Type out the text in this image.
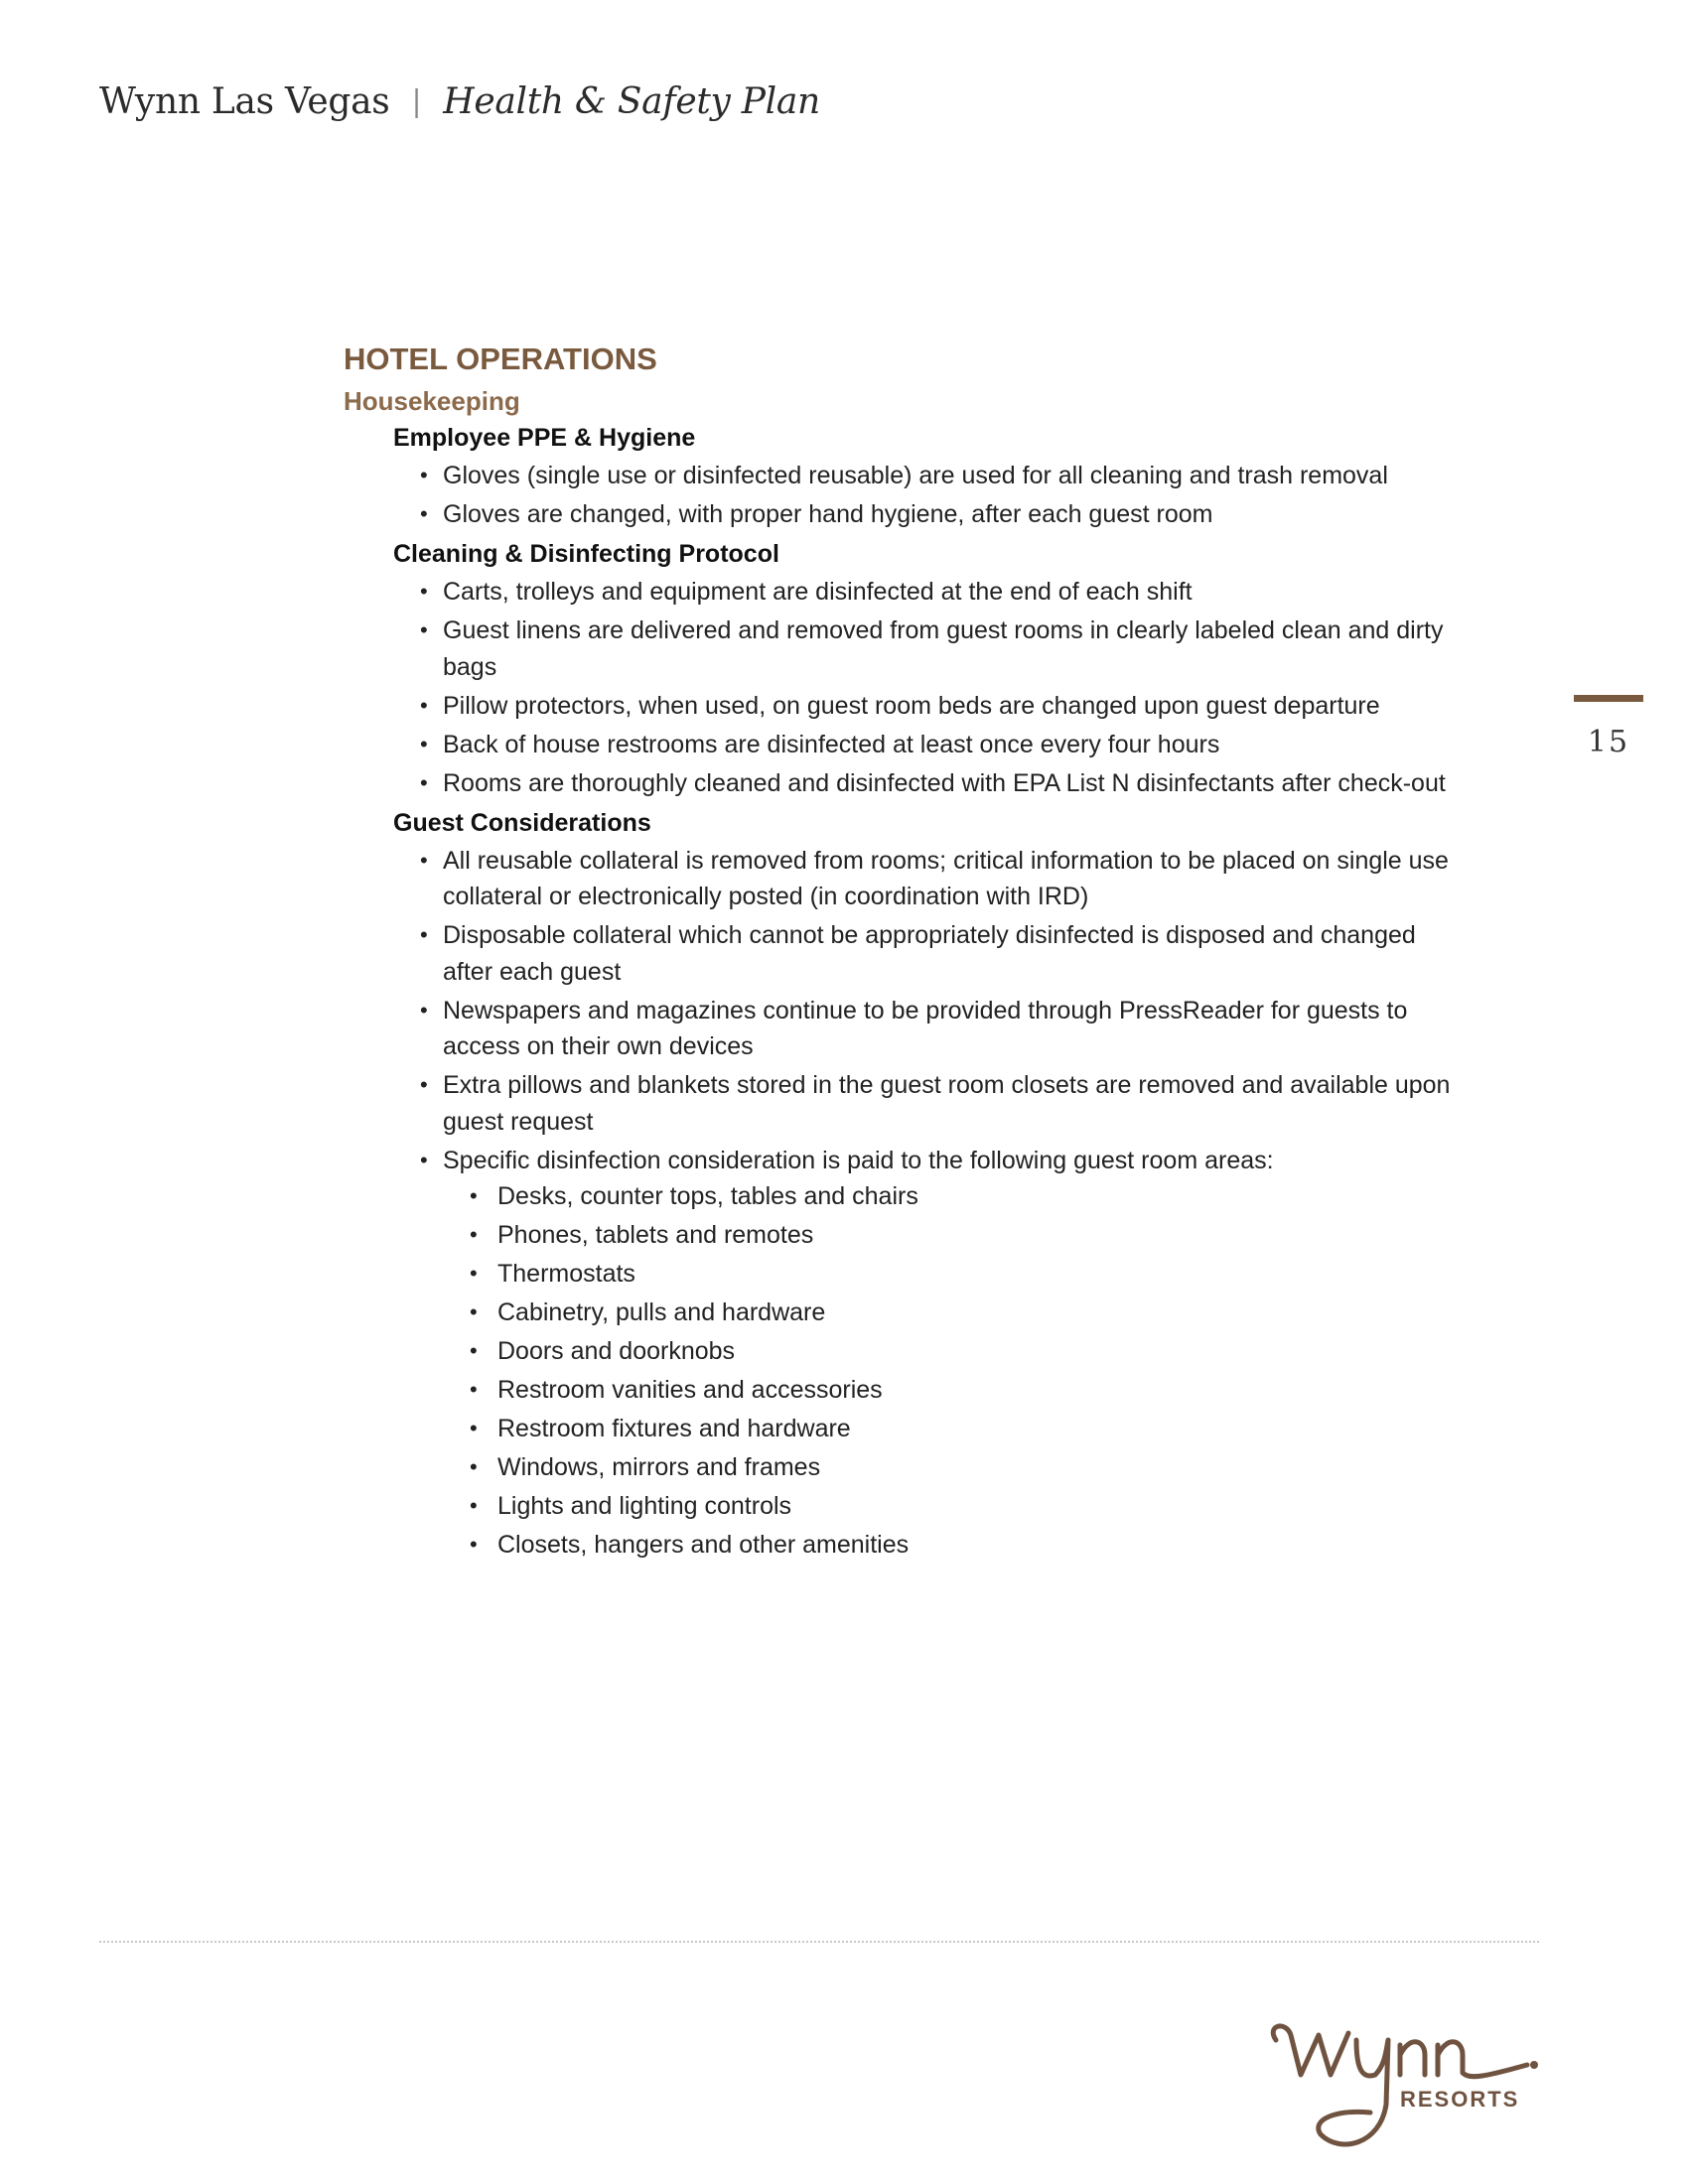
Wynn Las Vegas | Health & Safety Plan
15
HOTEL OPERATIONS
Housekeeping
Employee PPE & Hygiene
• Gloves (single use or disinfected reusable) are used for all cleaning and trash removal
• Gloves are changed, with proper hand hygiene, after each guest room
Cleaning & Disinfecting Protocol
• Carts, trolleys and equipment are disinfected at the end of each shift
• Guest linens are delivered and removed from guest rooms in clearly labeled clean and dirty bags
• Pillow protectors, when used, on guest room beds are changed upon guest departure
• Back of house restrooms are disinfected at least once every four hours
• Rooms are thoroughly cleaned and disinfected with EPA List N disinfectants after check-out
Guest Considerations
• All reusable collateral is removed from rooms; critical information to be placed on single use collateral or electronically posted (in coordination with IRD)
• Disposable collateral which cannot be appropriately disinfected is disposed and changed after each guest
• Newspapers and magazines continue to be provided through PressReader for guests to access on their own devices
• Extra pillows and blankets stored in the guest room closets are removed and available upon guest request
• Specific disinfection consideration is paid to the following guest room areas:
• Desks, counter tops, tables and chairs
• Phones, tablets and remotes
• Thermostats
• Cabinetry, pulls and hardware
• Doors and doorknobs
• Restroom vanities and accessories
• Restroom fixtures and hardware
• Windows, mirrors and frames
• Lights and lighting controls
• Closets, hangers and other amenities
RESORTS
